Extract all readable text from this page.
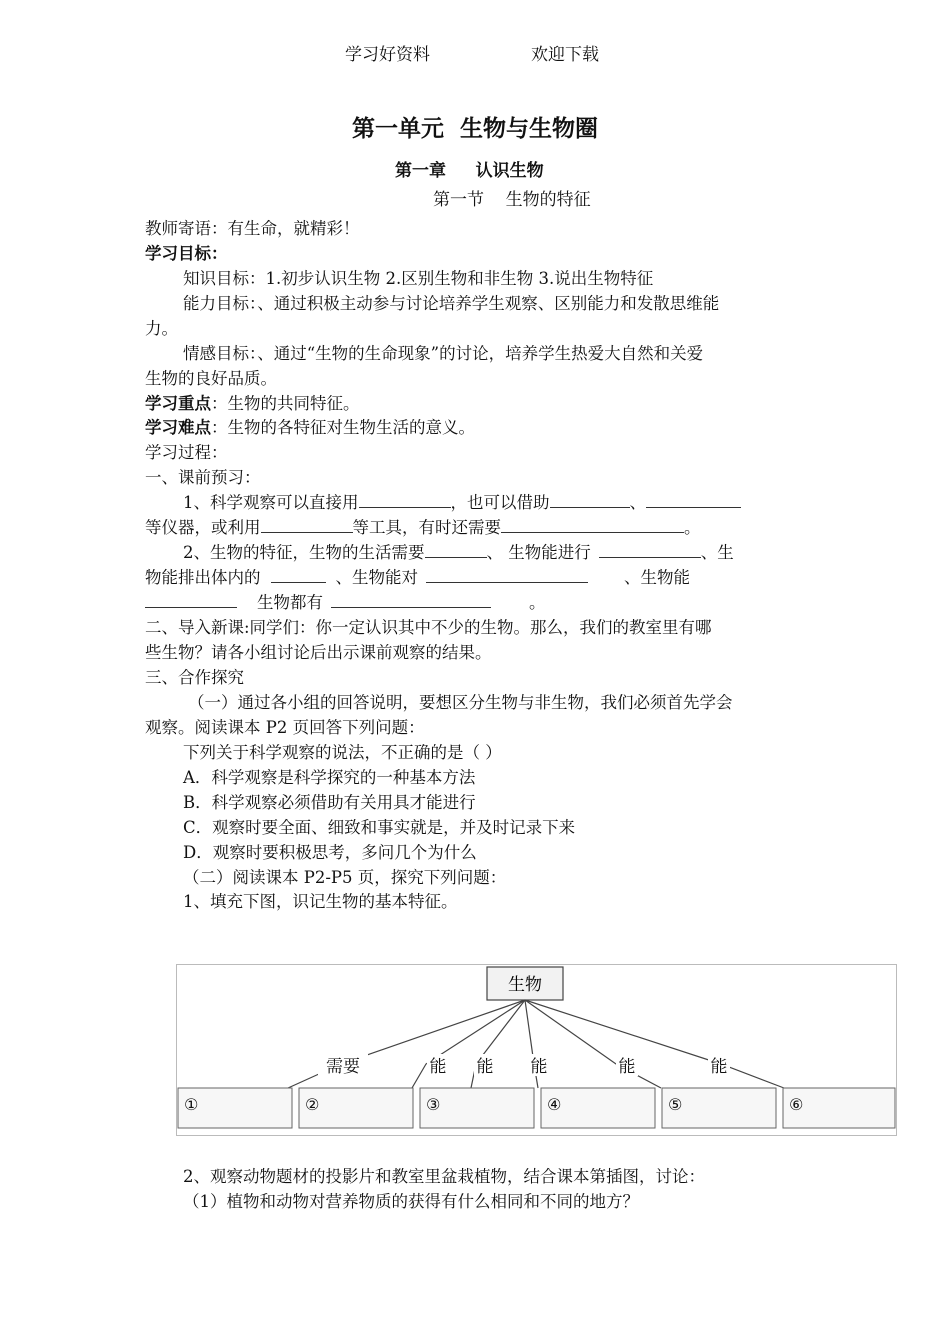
学习好资料	欢迎下载
第一单元  生物与生物圈
第一章     认识生物
第一节    生物的特征
教师寄语：有生命，就精彩！
学习目标：
知识目标：1.初步认识生物 2.区别生物和非生物 3.说出生物特征
能力目标：、通过积极主动参与讨论培养学生观察、区别能力和发散思维能
力。
情感目标：、通过“生物的生命现象”的讨论，培养学生热爱大自然和关爱
生物的良好品质。
学习重点：生物的共同特征。
学习难点：生物的各特征对生物生活的意义。
学习过程：
一、课前预习：
1、科学观察可以直接用	，也可以借助	、
等仪器，或利用	等工具，有时还需要	。
2、生物的特征，生物的生活需要	、 生物能进行	、生
物能排出体内的	、生物能对	、生物能
生物都有	。
二、导入新课:同学们：你一定认识其中不少的生物。那么，我们的教室里有哪
些生物？请各小组讨论后出示课前观察的结果。
三、合作探究
（一）通过各小组的回答说明，要想区分生物与非生物，我们必须首先学会
观察。阅读课本 P2 页回答下列问题：
下列关于科学观察的说法，不正确的是（ ）
A．科学观察是科学探究的一种基本方法
B．科学观察必须借助有关用具才能进行
C．观察时要全面、细致和事实就是，并及时记录下来
D．观察时要积极思考，多问几个为什么
（二）阅读课本 P2-P5 页，探究下列问题：
1、填充下图，识记生物的基本特征。
生物
需要	能 能 能	能	能
①	②	③	④	⑤	⑥
2、观察动物题材的投影片和教室里盆栽植物，结合课本第插图，讨论：
（1）植物和动物对营养物质的获得有什么相同和不同的地方？
